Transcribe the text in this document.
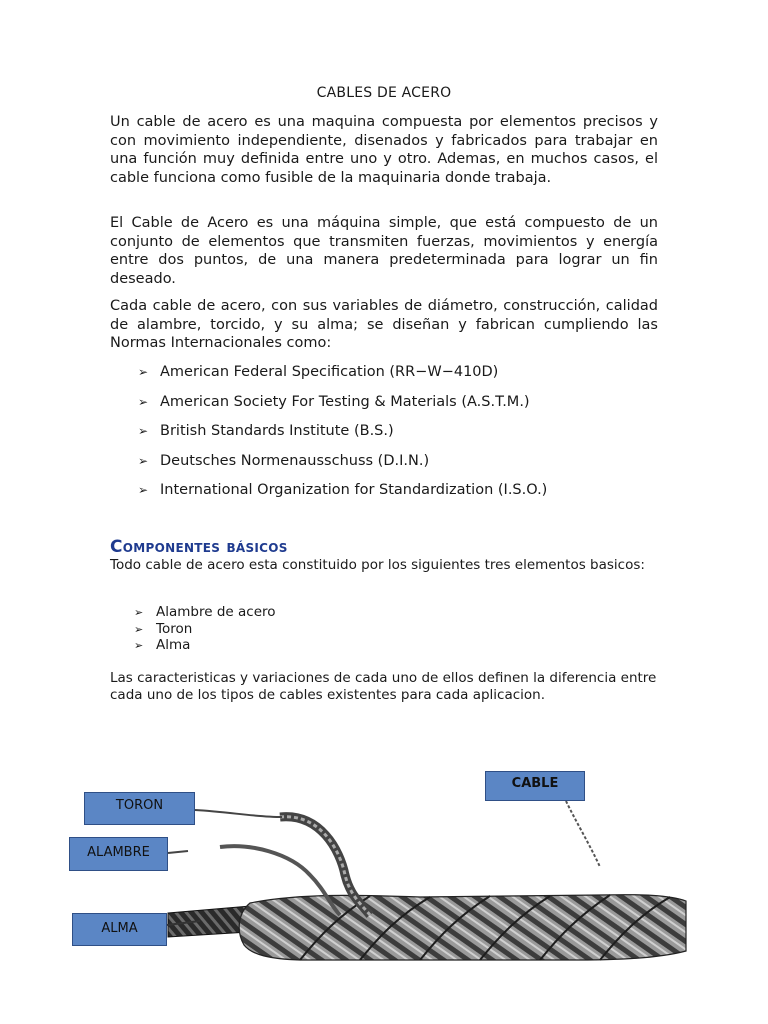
CABLES DE ACERO

Un cable de acero es una maquina compuesta por elementos precisos y con movimiento independiente, disenados y fabricados para trabajar en una función muy definida entre uno y otro. Ademas, en muchos casos, el cable funciona como fusible de la maquinaria donde trabaja.

El Cable de Acero es una máquina simple, que está compuesto de un conjunto de elementos que transmiten fuerzas, movimientos y energía entre dos puntos, de una manera predeterminada para lograr un fin deseado.

Cada cable de acero, con sus variables de diámetro, construcción, calidad de alambre, torcido, y su alma; se diseñan y fabrican cumpliendo las Normas Internacionales como:

➢ American Federal Specification (RR−W−410D)
➢ American Society For Testing & Materials (A.S.T.M.)
➢ British Standards Institute (B.S.)
➢ Deutsches Normenausschuss (D.I.N.)
➢ International Organization for Standardization (I.S.O.)
Componentes básicos

Todo cable de acero esta constituido por los siguientes tres elementos basicos:

➢ Alambre de acero
➢ Toron
➢ Alma

Las caracteristicas y variaciones de cada uno de ellos definen la diferencia entre cada uno de los tipos de cables existentes para cada aplicacion.

TORON
ALAMBRE
ALMA
CABLE
